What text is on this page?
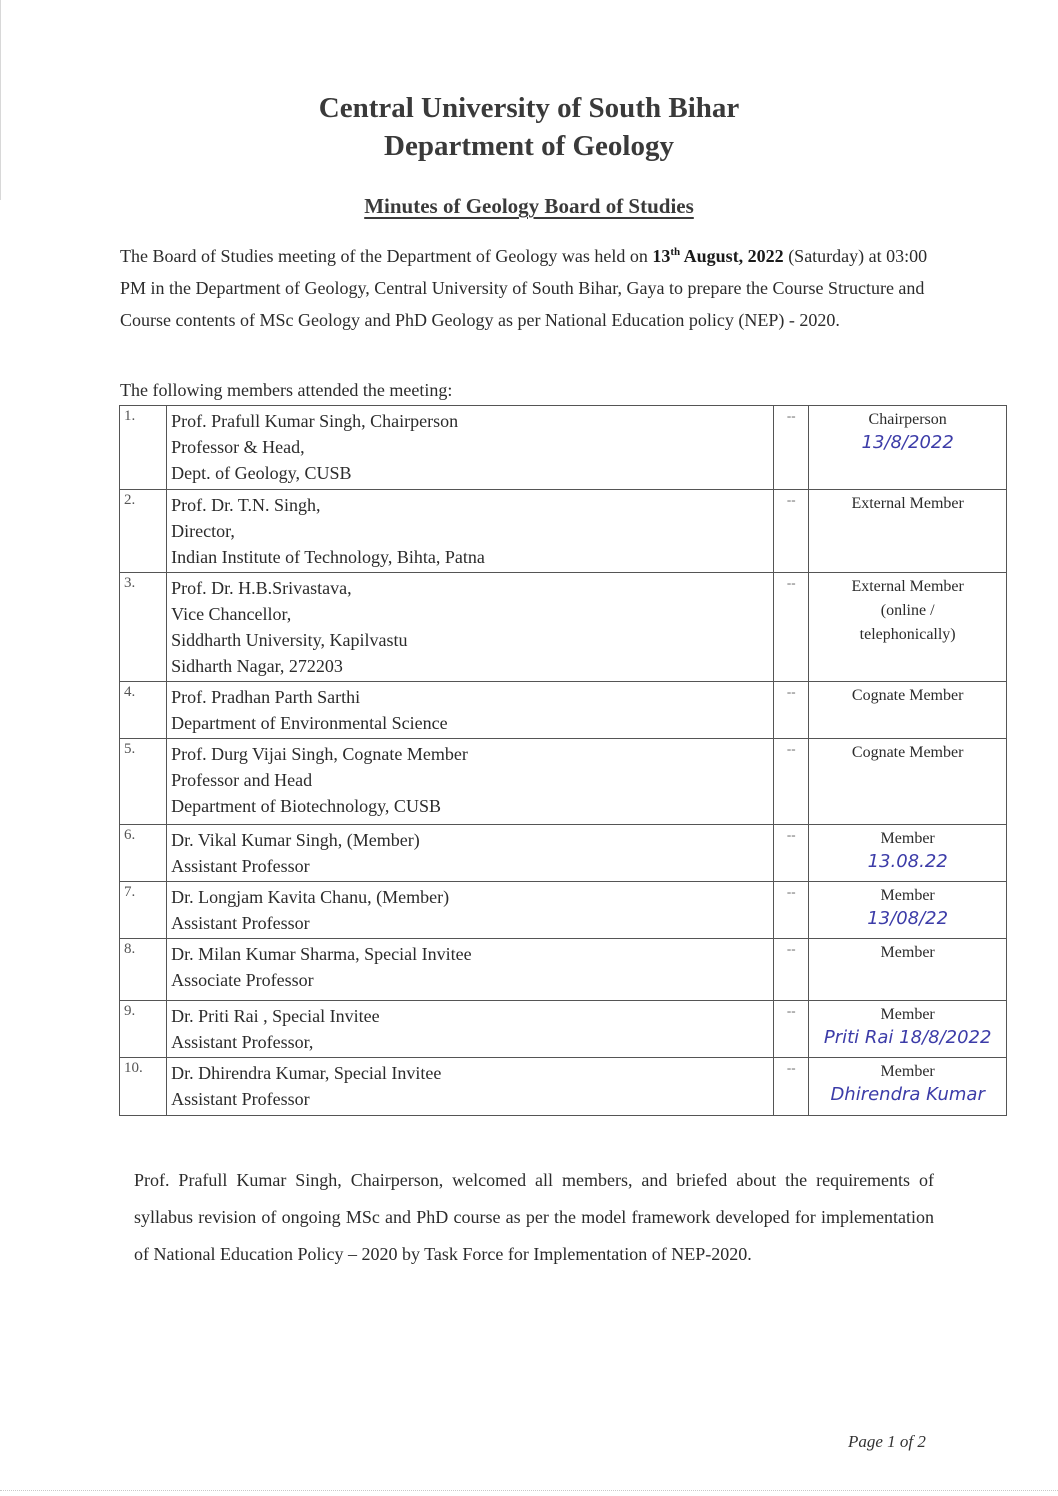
Central University of South Bihar
Department of Geology
Minutes of Geology Board of Studies
The Board of Studies meeting of the Department of Geology was held on 13th August, 2022 (Saturday) at 03:00 PM in the Department of Geology, Central University of South Bihar, Gaya to prepare the Course Structure and Course contents of MSc Geology and PhD Geology as per National Education policy (NEP) - 2020.
The following members attended the meeting:
1.	Prof. Prafull Kumar Singh, Chairperson
Professor & Head,
Dept. of Geology, CUSB	--	Chairperson
13/8/2022

2.	Prof. Dr. T.N. Singh,
Director,
Indian Institute of Technology, Bihta, Patna	--	External Member

3.	Prof. Dr. H.B.Srivastava,
Vice Chancellor,
Siddharth University, Kapilvastu
Sidharth Nagar, 272203	--	External Member
(online /
telephonically)

4.	Prof. Pradhan Parth Sarthi
Department of Environmental Science	--	Cognate Member

5.	Prof. Durg Vijai Singh, Cognate Member
Professor and Head
Department of Biotechnology, CUSB	--	Cognate Member

6.	Dr. Vikal Kumar Singh, (Member)
Assistant Professor	--	Member
13.08.22

7.	Dr. Longjam Kavita Chanu, (Member)
Assistant Professor	--	Member
13/08/22

8.	Dr. Milan Kumar Sharma, Special Invitee
Associate Professor	--	Member

9.	Dr. Priti Rai , Special Invitee
Assistant Professor,	--	Member
Priti Rai 18/8/2022

10.	Dr. Dhirendra Kumar, Special Invitee
Assistant Professor	--	Member
Dhirendra Kumar
Prof. Prafull Kumar Singh, Chairperson, welcomed all members, and briefed about the requirements of syllabus revision of ongoing MSc and PhD course as per the model framework developed for implementation of National Education Policy – 2020 by Task Force for Implementation of NEP-2020.
Page 1 of 2
